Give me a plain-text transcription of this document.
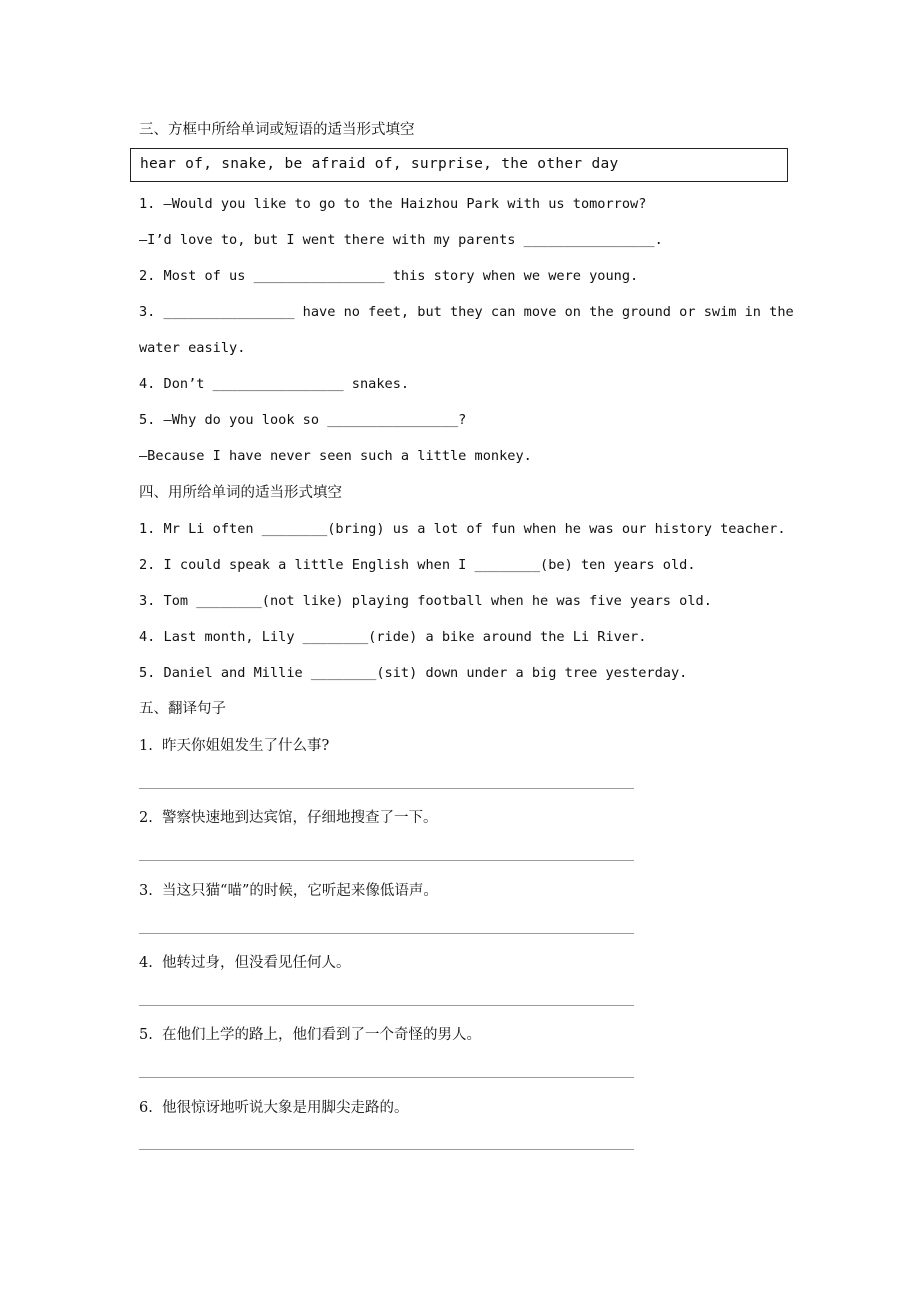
三、方框中所给单词或短语的适当形式填空
hear of, snake, be afraid of, surprise, the other day
1. —Would you like to go to the Haizhou Park with us tomorrow?
—I’d love to, but I went there with my parents ________________.
2. Most of us ________________ this story when we were young.
3. ________________ have no feet, but they can move on the ground or swim in the
water easily.
4. Don’t ________________ snakes.
5. —Why do you look so ________________?
—Because I have never seen such a little monkey.
四、用所给单词的适当形式填空
1. Mr Li often ________(bring) us a lot of fun when he was our history teacher.
2. I could speak a little English when I ________(be) ten years old.
3. Tom ________(not like) playing football when he was five years old.
4. Last month, Lily ________(ride) a bike around the Li River.
5. Daniel and Millie ________(sit) down under a big tree yesterday.
五、翻译句子
1.  昨天你姐姐发生了什么事?
2.  警察快速地到达宾馆，仔细地搜查了一下。
3.  当这只猫“喵”的时候，它听起来像低语声。
4.  他转过身，但没看见任何人。
5.  在他们上学的路上，他们看到了一个奇怪的男人。
6.  他很惊讶地听说大象是用脚尖走路的。
